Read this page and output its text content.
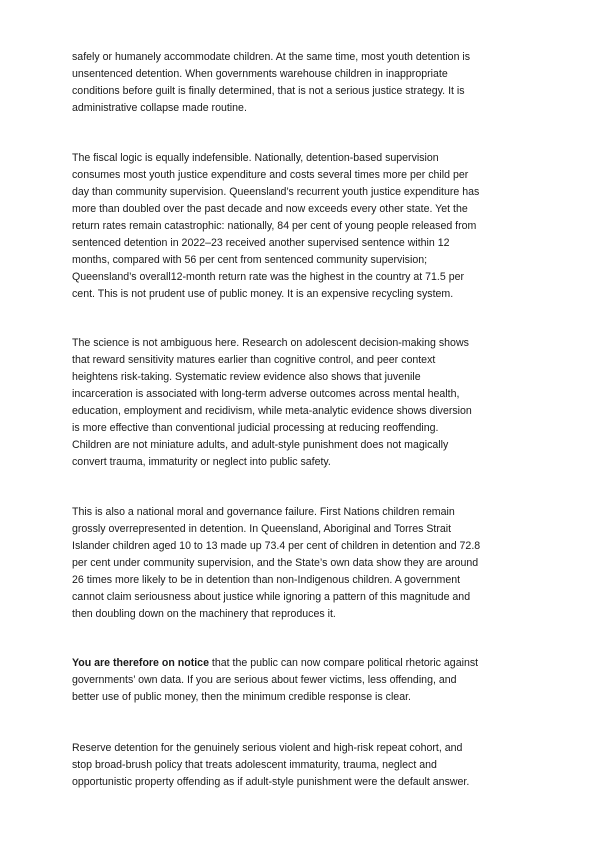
safely or humanely accommodate children. At the same time, most youth detention is
unsentenced detention. When governments warehouse children in inappropriate
conditions before guilt is finally determined, that is not a serious justice strategy. It is
administrative collapse made routine.

The fiscal logic is equally indefensible. Nationally, detention-based supervision
consumes most youth justice expenditure and costs several times more per child per
day than community supervision. Queensland’s recurrent youth justice expenditure has
more than doubled over the past decade and now exceeds every other state. Yet the
return rates remain catastrophic: nationally, 84 per cent of young people released from
sentenced detention in 2022–23 received another supervised sentence within 12
months, compared with 56 per cent from sentenced community supervision;
Queensland’s overall12-month return rate was the highest in the country at 71.5 per
cent. This is not prudent use of public money. It is an expensive recycling system.

The science is not ambiguous here. Research on adolescent decision-making shows
that reward sensitivity matures earlier than cognitive control, and peer context
heightens risk-taking. Systematic review evidence also shows that juvenile
incarceration is associated with long-term adverse outcomes across mental health,
education, employment and recidivism, while meta-analytic evidence shows diversion
is more effective than conventional judicial processing at reducing reoffending.
Children are not miniature adults, and adult-style punishment does not magically
convert trauma, immaturity or neglect into public safety.

This is also a national moral and governance failure. First Nations children remain
grossly overrepresented in detention. In Queensland, Aboriginal and Torres Strait
Islander children aged 10 to 13 made up 73.4 per cent of children in detention and 72.8
per cent under community supervision, and the State’s own data show they are around
26 times more likely to be in detention than non-Indigenous children. A government
cannot claim seriousness about justice while ignoring a pattern of this magnitude and
then doubling down on the machinery that reproduces it.

You are therefore on notice that the public can now compare political rhetoric against
governments’ own data. If you are serious about fewer victims, less offending, and
better use of public money, then the minimum credible response is clear.

Reserve detention for the genuinely serious violent and high-risk repeat cohort, and
stop broad-brush policy that treats adolescent immaturity, trauma, neglect and
opportunistic property offending as if adult-style punishment were the default answer.
